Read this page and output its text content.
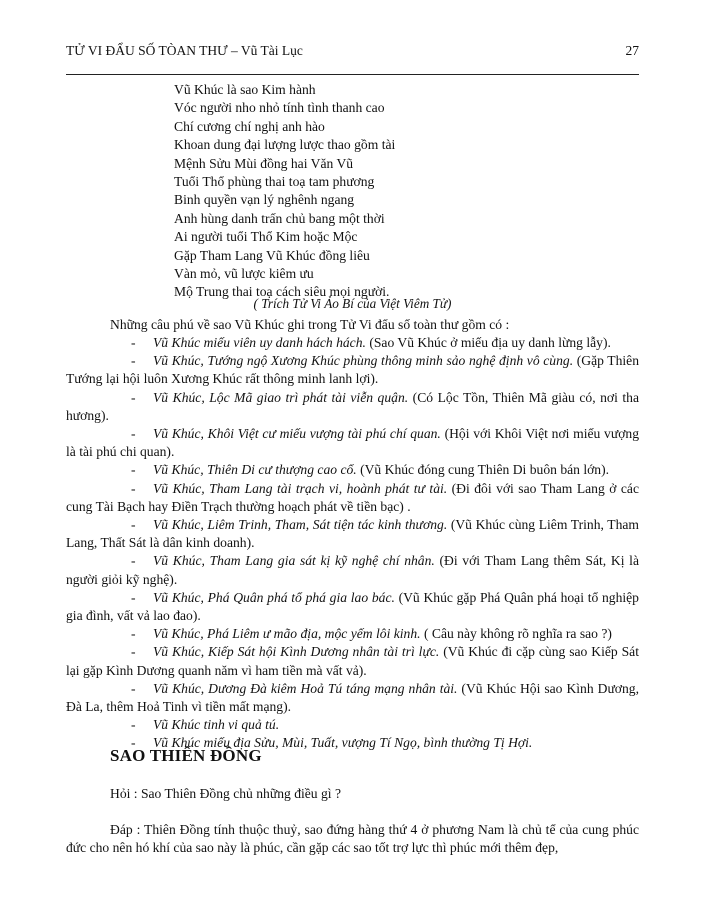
TỬ VI ĐẨU SỐ TÒAN THƯ – Vũ Tài Lục	27
Vũ Khúc là sao Kim hành
Vóc người nho nhỏ tính tình thanh cao
Chí cương chí nghị anh hào
Khoan dung đại lượng lược thao gồm tài
Mệnh Sửu Mùi đồng hai Văn Vũ
Tuổi Thổ phùng thai toạ tam phương
Binh quyền vạn lý nghênh ngang
Anh hùng danh trấn chủ bang một thời
Ai người tuổi Thổ Kim hoặc Mộc
Gặp Tham Lang Vũ Khúc đồng liêu
Vàn mỏ, vũ lược kiêm ưu
Mộ Trung thai toạ cách siêu mọi người.
( Trích Tử Vi Ảo Bí của Việt Viêm Tử)
Những câu phú về sao Vũ Khúc ghi trong Tử Vi đẩu số toàn thư gồm có :

- Vũ Khúc miếu viên uy danh hách hách. (Sao Vũ Khúc ở miếu địa uy danh lừng lẫy).

- Vũ Khúc, Tướng ngộ Xương Khúc phùng thông minh sảo nghệ định vô cùng. (Gặp Thiên Tướng lại hội luôn Xương Khúc rất thông minh lanh lợi).

- Vũ Khúc, Lộc Mã giao trì phát tài viễn quận. (Có Lộc Tồn, Thiên Mã giàu có, nơi tha hương).

- Vũ Khúc, Khôi Việt cư miếu vượng tài phú chí quan. (Hội với Khôi Việt nơi miếu vượng là tài phú chi quan).

- Vũ Khúc, Thiên Di cư thượng cao cổ. (Vũ Khúc đóng cung Thiên Di buôn bán lớn).

- Vũ Khúc, Tham Lang tài trạch vi, hoành phát tư tài. (Đi đôi với sao Tham Lang ở các cung Tài Bạch hay Điền Trạch thường hoạch phát về tiền bạc) .

- Vũ Khúc, Liêm Trinh, Tham, Sát tiện tác kinh thương. (Vũ Khúc cùng Liêm Trinh, Tham Lang, Thất Sát là dân kinh doanh).

- Vũ Khúc, Tham Lang gia sát kị kỹ nghệ chí nhân. (Đi với Tham Lang thêm Sát, Kị là người giỏi kỹ nghệ).

- Vũ Khúc, Phá Quân phá tổ phá gia lao bác. (Vũ Khúc gặp Phá Quân phá hoại tổ nghiệp gia đình, vất vả lao đao).

- Vũ Khúc, Phá Liêm ư mão địa, mộc yếm lôi kinh. ( Câu này không rõ nghĩa ra sao ?)

- Vũ Khúc, Kiếp Sát hội Kình Dương nhân tài trì lực. (Vũ Khúc đi cặp cùng sao Kiếp Sát lại gặp Kình Dương quanh năm vì ham tiền mà vất vả).

- Vũ Khúc, Dương Đà kiêm Hoả Tú táng mạng nhân tài. (Vũ Khúc Hội sao Kình Dương, Đà La, thêm Hoả Tinh vì tiền mất mạng).

- Vũ Khúc tinh vi quả tú.

- Vũ Khúc miếu địa Sửu, Mùi, Tuất, vượng Tí Ngọ, bình thường Tị Hợi.

SAO THIÊN ĐỒNG

Hỏi : Sao Thiên Đồng chủ những điều gì ?

Đáp : Thiên Đồng tính thuộc thuỷ, sao đứng hàng thứ 4 ở phương Nam là chủ tể của cung phúc đức cho nên hó khí của sao này là phúc, cần gặp các sao tốt trợ lực thì phúc mới thêm đẹp,
